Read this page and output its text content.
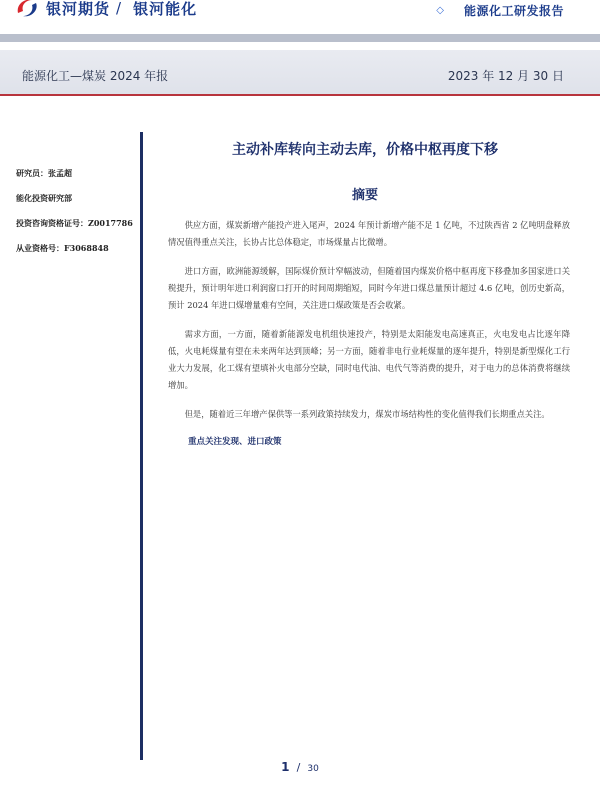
银河期货 / 银河能化	◇ 能源化工研发报告
能源化工—煤炭 2024 年报	2023 年 12 月 30 日
研究员：张孟超
能化投资研究部
投资咨询资格证号：Z0017786
从业资格号：F3068848
主动补库转向主动去库，价格中枢再度下移
摘要

供应方面，煤炭新增产能投产进入尾声，2024 年预计新增产能不足 1 亿吨，不过陕西省 2 亿吨明盘释放情况值得重点关注，长协占比总体稳定，市场煤量占比微增。

进口方面，欧洲能源缓解，国际煤价预计窄幅波动，但随着国内煤炭价格中枢再度下移叠加多国家进口关税提升，预计明年进口利润窗口打开的时间周期缩短，同时今年进口煤总量预计超过 4.6 亿吨，创历史新高，预计 2024 年进口煤增量难有空间，关注进口煤政策是否会收紧。

需求方面，一方面，随着新能源发电机组快速投产，特别是太阳能发电高速真正，火电发电占比逐年降低，火电耗煤量有望在未来两年达到顶峰；另一方面，随着非电行业耗煤量的逐年提升，特别是新型煤化工行业大力发展，化工煤有望填补火电部分空缺，同时电代油、电代气等消费的提升，对于电力的总体消费将继续增加。

但是，随着近三年增产保供等一系列政策持续发力，煤炭市场结构性的变化值得我们长期重点关注。

重点关注发现、进口政策
1 / 30
